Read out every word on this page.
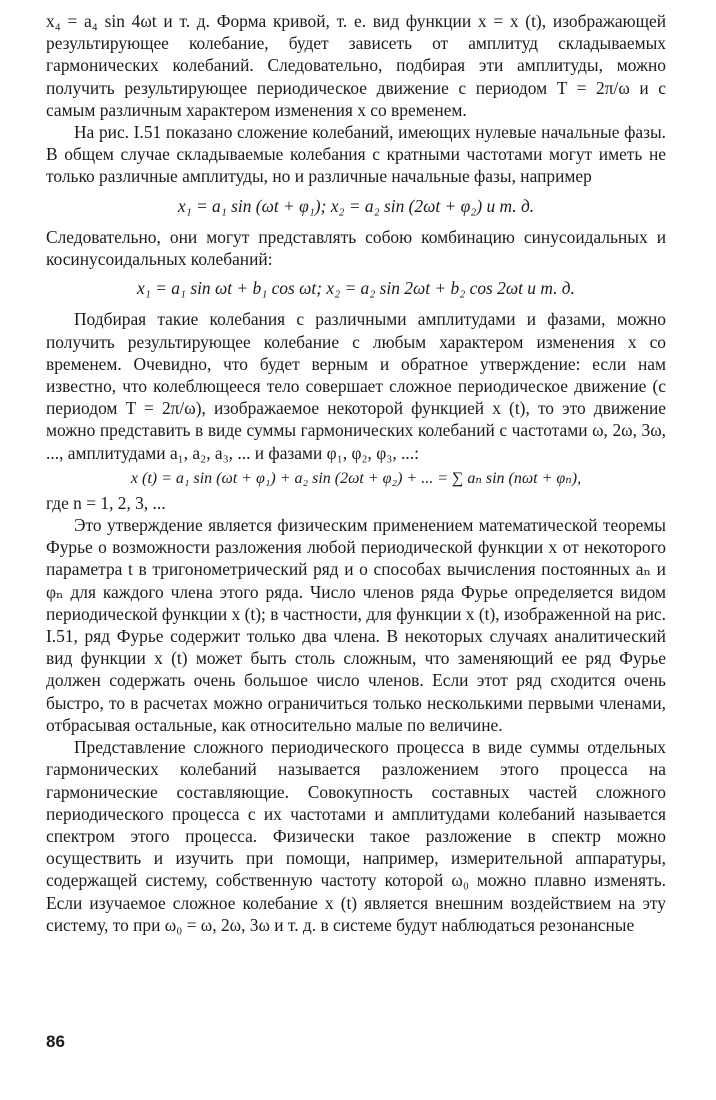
x₄ = a₄ sin 4ωt и т. д. Форма кривой, т. е. вид функции x = x (t), изображающей результирующее колебание, будет зависеть от амплитуд складываемых гармонических колебаний. Следовательно, подбирая эти амплитуды, можно получить результирующее периодическое движение с периодом T = 2π/ω и с самым различным характером изменения x со временем.

На рис. I.51 показано сложение колебаний, имеющих нулевые начальные фазы. В общем случае складываемые колебания с кратными частотами могут иметь не только различные амплитуды, но и различные начальные фазы, например

x₁ = a₁ sin (ωt + φ₁); x₂ = a₂ sin (2ωt + φ₂) и т. д.

Следовательно, они могут представлять собою комбинацию синусоидальных и косинусоидальных колебаний:

x₁ = a₁ sin ωt + b₁ cos ωt; x₂ = a₂ sin 2ωt + b₂ cos 2ωt и т. д.

Подбирая такие колебания с различными амплитудами и фазами, можно получить результирующее колебание с любым характером изменения x со временем. Очевидно, что будет верным и обратное утверждение: если нам известно, что колеблющееся тело совершает сложное периодическое движение (с периодом T = 2π/ω), изображаемое некоторой функцией x (t), то это движение можно представить в виде суммы гармонических колебаний с частотами ω, 2ω, 3ω, ..., амплитудами a₁, a₂, a₃, ... и фазами φ₁, φ₂, φ₃, ...:

x (t) = a₁ sin (ωt + φ₁) + a₂ sin (2ωt + φ₂) + ... = ∑ aₙ sin (nωt + φₙ),

где n = 1, 2, 3, ...

Это утверждение является физическим применением математической теоремы Фурье о возможности разложения любой периодической функции x от некоторого параметра t в тригонометрический ряд и о способах вычисления постоянных aₙ и φₙ для каждого члена этого ряда. Число членов ряда Фурье определяется видом периодической функции x (t); в частности, для функции x (t), изображенной на рис. I.51, ряд Фурье содержит только два члена. В некоторых случаях аналитический вид функции x (t) может быть столь сложным, что заменяющий ее ряд Фурье должен содержать очень большое число членов. Если этот ряд сходится очень быстро, то в расчетах можно ограничиться только несколькими первыми членами, отбрасывая остальные, как относительно малые по величине.

Представление сложного периодического процесса в виде суммы отдельных гармонических колебаний называется разложением этого процесса на гармонические составляющие. Совокупность составных частей сложного периодического процесса с их частотами и амплитудами колебаний называется спектром этого процесса. Физически такое разложение в спектр можно осуществить и изучить при помощи, например, измерительной аппаратуры, содержащей систему, собственную частоту которой ω₀ можно плавно изменять. Если изучаемое сложное колебание x (t) является внешним воздействием на эту систему, то при ω₀ = ω, 2ω, 3ω и т. д. в системе будут наблюдаться резонансные

86
